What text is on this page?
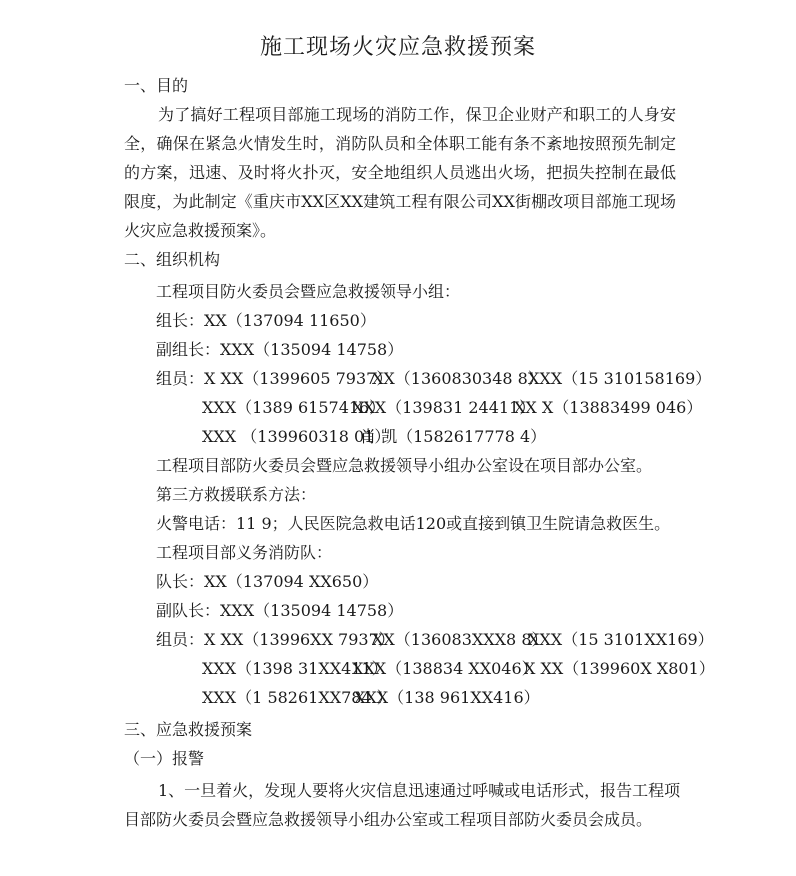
施工现场火灾应急救援预案
一、目的
为了搞好工程项目部施工现场的消防工作，保卫企业财产和职工的人身安
全，确保在紧急火情发生时，消防队员和全体职工能有条不紊地按照预先制定
的方案，迅速、及时将火扑灭，安全地组织人员逃出火场，把损失控制在最低
限度，为此制定《重庆市XX区XX建筑工程有限公司XX街棚改项目部施工现场
火灾应急救援预案》。
二、组织机构
工程项目防火委员会暨应急救援领导小组：
组长：XX（137094 11650）
副组长：XXX（135094 14758）
组员： X XX（1399605 7937）
XX（1360830348 8）
XXX（15 310158169）
XXX（1389 6157416）
XXX（139831 24411）
XX X（13883499 046）
XXX （139960318 01）
肖 凯（1582617778 4）
工程项目部防火委员会暨应急救援领导小组办公室设在项目部办公室。
第三方救援联系方法：
火警电话：11 9；人民医院急救电话120或直接到镇卫生院请急救医生。
工程项目部义务消防队：
队长：XX（137094 XX650）
副队长：XXX（135094 14758）
组员： X XX（13996XX 7937）
XX（136083XXX8 8）
XXX（15 3101XX169）
XXX（1398 31XX411）
XXX（138834 XX046）
X XX（139960X X801）
XXX（1 58261XX784 ）
XXX（138 961XX416）
三、应急救援预案
（一）报警
1、一旦着火，发现人要将火灾信息迅速通过呼喊或电话形式，报告工程项
目部防火委员会暨应急救援领导小组办公室或工程项目部防火委员会成员。
